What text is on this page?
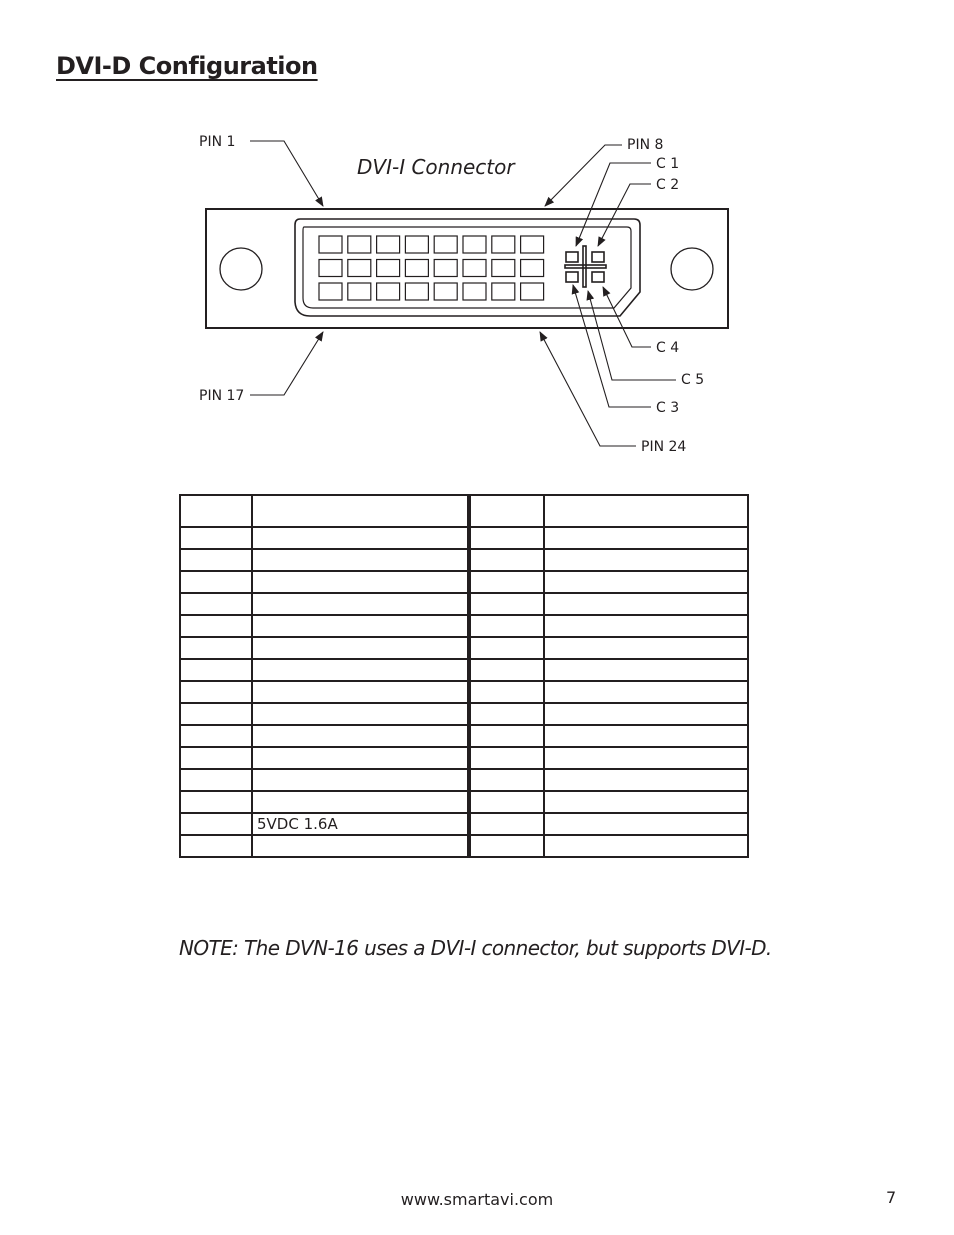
DVI-D Configuration
DVI-I Connector
PIN 1	PIN 8
C 1
C 2
C 4
C 5
PIN 17
C 3
PIN 24

	5VDC 1.6A		

NOTE: The DVN-16 uses a DVI-I connector, but supports DVI-D.
www.smartavi.com	7
